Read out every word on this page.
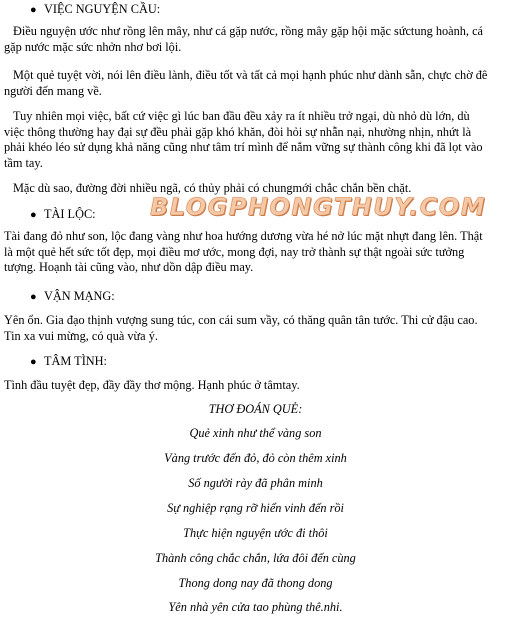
● VIỆC NGUYỆN CẦU:
Điều nguyện ước như rồng lên mây, như cá gặp nước, rồng mây gặp hội mặc sứctung hoành, cá
gặp nước mặc sức nhởn nhơ bơi lội.
Một quẻ tuyệt vời, nói lên điều lành, điều tốt và tất cả mọi hạnh phúc như dành sẵn, chực chờ đê
người đến mang về.
Tuy nhiên mọi việc, bất cứ việc gì lúc ban đầu đều xảy ra ít nhiều trở ngại, dù nhỏ dù lớn, dù
việc thông thường hay đại sự đều phải gặp khó khăn, đòi hỏi sự nhẫn nại, nhường nhịn, nhứt là
phải khéo léo sử dụng khả năng cũng như tâm trí mình để nắm vững sự thành công khi đã lọt vào
tầm tay.
Mặc dù sao, đường đời nhiều ngã, có thủy phải có chungmới chắc chắn bền chặt.
BLOGPHONGTHUY.COM
● TÀI LỘC:
Tài đang đỏ như son, lộc đang vàng như hoa hướng dương vừa hé nở lúc mặt nhựt đang lên. Thật
là một quẻ hết sức tốt đẹp, mọi điều mơ ước, mong đợi, nay trở thành sự thật ngoài sức tưởng
tượng. Hoạnh tài cũng vào, như dồn dập điều may.
● VẬN MẠNG:
Yên ổn. Gia đạo thịnh vượng sung túc, con cái sum vầy, có thăng quân tân tước. Thi cử đậu cao.
Tin xa vui mừng, có quà vừa ý.
● TÂM TÌNH:
Tình đầu tuyệt đẹp, đầy đầy thơ mộng. Hạnh phúc ở tâmtay.
THƠ ĐOÁN QUẺ:
Quẻ xinh như thể vàng son
Vàng trước đến đỏ, đỏ còn thêm xinh
Số người rày đã phân minh
Sự nghiệp rạng rỡ hiển vinh đến rồi
Thực hiện nguyện ước đi thôi
Thành công chắc chắn, lứa đôi đến cùng
Thong dong nay đã thong dong
Yên nhà yên cửa tao phùng thê.nhi.
